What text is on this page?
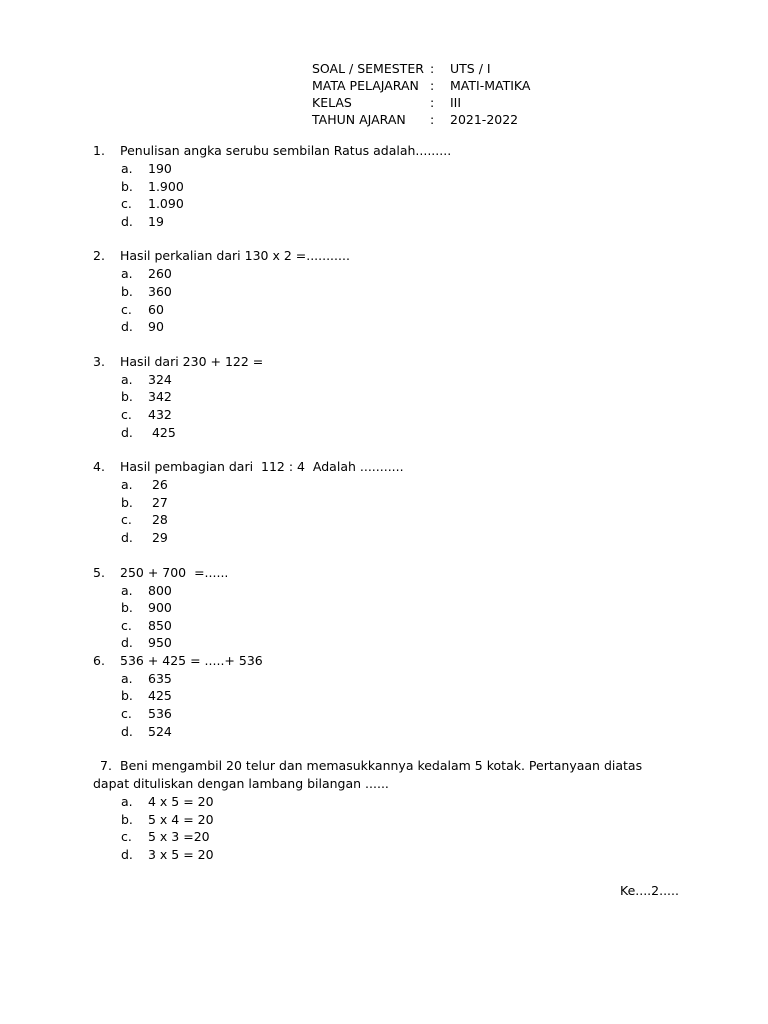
SOAL / SEMESTER : UTS / I
MATA PELAJARAN : MATI-MATIKA
KELAS	: III
TAHUN AJARAN : 2021-2022
1. Penulisan angka serubu sembilan Ratus adalah.........
a. 190
b. 1.900
c. 1.090
d. 19
2. Hasil perkalian dari 130 x 2 =...........
a. 260
b. 360
c. 60
d. 90
3. Hasil dari 230 + 122 =
a. 324
b. 342
c. 432
d. 425
4. Hasil pembagian dari  112 : 4  Adalah ...........
a. 26
b. 27
c. 28
d. 29
5. 250 + 700  =......
a. 800
b. 900
c. 850
d. 950
6. 536 + 425 = .....+ 536
a. 635
b. 425
c. 536
d. 524
7. Beni mengambil 20 telur dan memasukkannya kedalam 5 kotak. Pertanyaan diatas dapat dituliskan dengan lambang bilangan ......
a. 4 x 5 = 20
b. 5 x 4 = 20
c. 5 x 3 =20
d. 3 x 5 = 20
Ke....2.....
